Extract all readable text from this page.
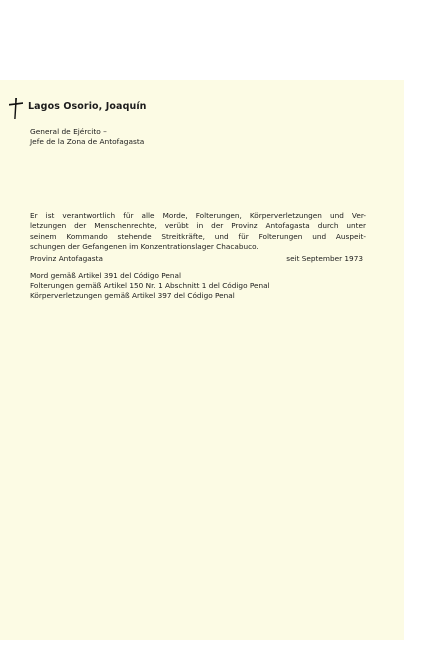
Lagos Osorio, Joaquín
General de Ejército –
Jefe de la Zona de Antofagasta
Er ist verantwortlich für alle Morde, Folterungen, Körperverletzungen und Ver-
letzungen der Menschenrechte, verübt in der Provinz Antofagasta durch unter
seinem Kommando stehende Streitkräfte, und für Folterungen und Auspeit-
schungen der Gefangenen im Konzentrationslager Chacabuco.
Provinz Antofagasta	seit September 1973
Mord gemäß Artikel 391 del Código Penal
Folterungen gemäß Artikel 150 Nr. 1 Abschnitt 1 del Código Penal
Körperverletzungen gemäß Artikel 397 del Código Penal
